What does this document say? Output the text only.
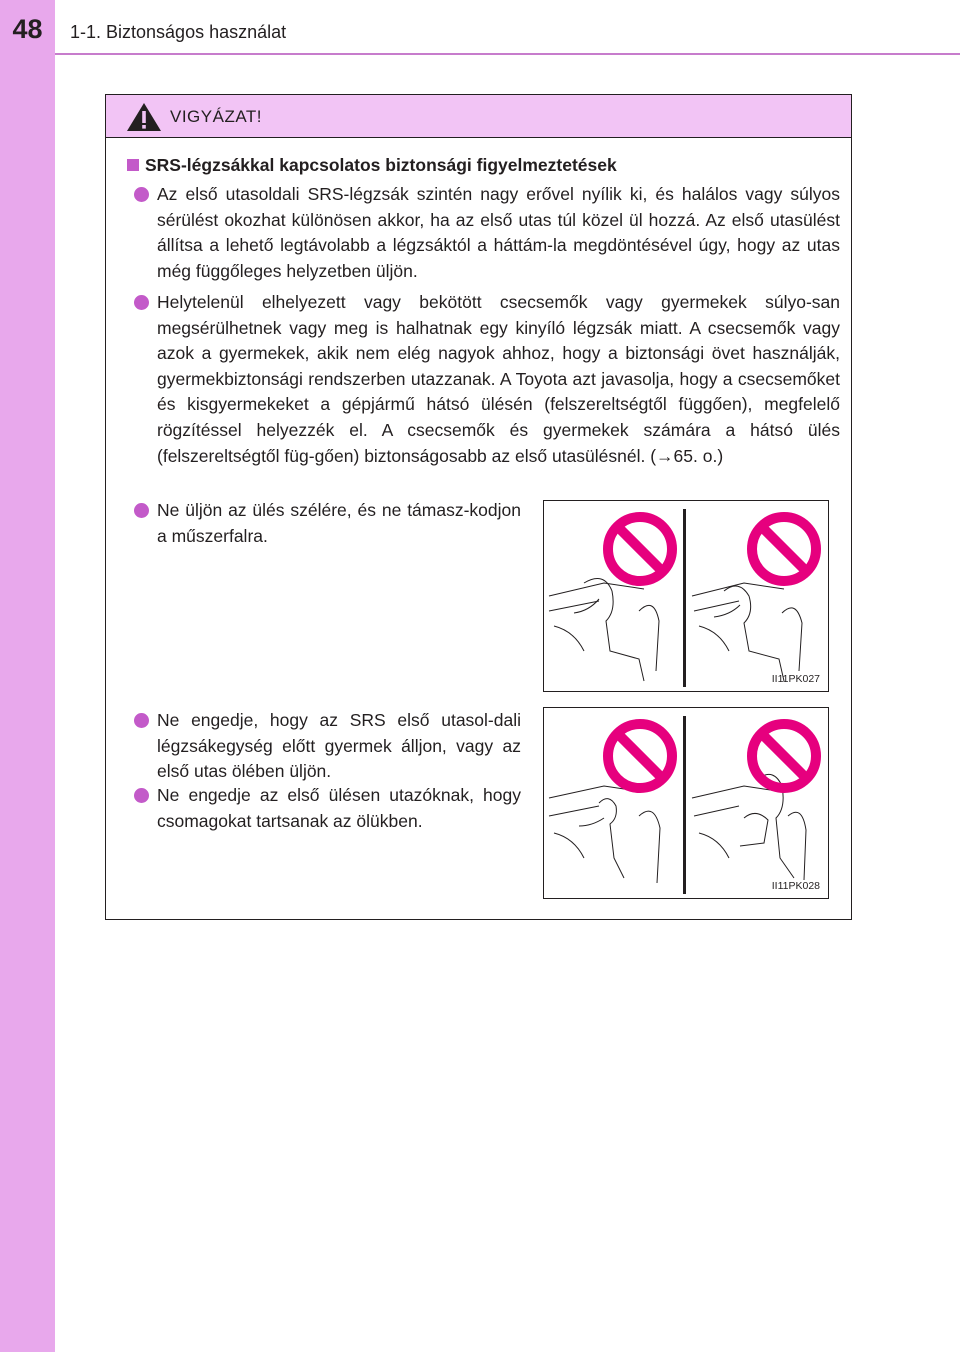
48	1-1. Biztonságos használat
VIGYÁZAT!
SRS-légzsákkal kapcsolatos biztonsági figyelmeztetések
Az első utasoldali SRS-légzsák szintén nagy erővel nyílik ki, és halálos vagy súlyos sérülést okozhat különösen akkor, ha az első utas túl közel ül hozzá. Az első utasülést állítsa a lehető legtávolabb a légzsáktól a háttám-la megdöntésével úgy, hogy az utas még függőleges helyzetben üljön.
Helytelenül elhelyezett vagy bekötött csecsemők vagy gyermekek súlyo-san megsérülhetnek vagy meg is halhatnak egy kinyíló légzsák miatt. A csecsemők vagy azok a gyermekek, akik nem elég nagyok ahhoz, hogy a biztonsági övet használják, gyermekbiztonsági rendszerben utazzanak. A Toyota azt javasolja, hogy a csecsemőket és kisgyermekeket a gépjármű hátsó ülésén (felszereltségtől függően), megfelelő rögzítéssel helyezzék el. A csecsemők és gyermekek számára a hátsó ülés (felszereltségtől füg-gően) biztonságosabb az első utasülésnél. (→65. o.)
Ne üljön az ülés szélére, és ne támasz-kodjon a műszerfalra.
Ne engedje, hogy az SRS első utasol-dali légzsákegység előtt gyermek álljon, vagy az első utas ölében üljön.
Ne engedje az első ülésen utazóknak, hogy csomagokat tartsanak az ölükben.
II11PK027
II11PK028
